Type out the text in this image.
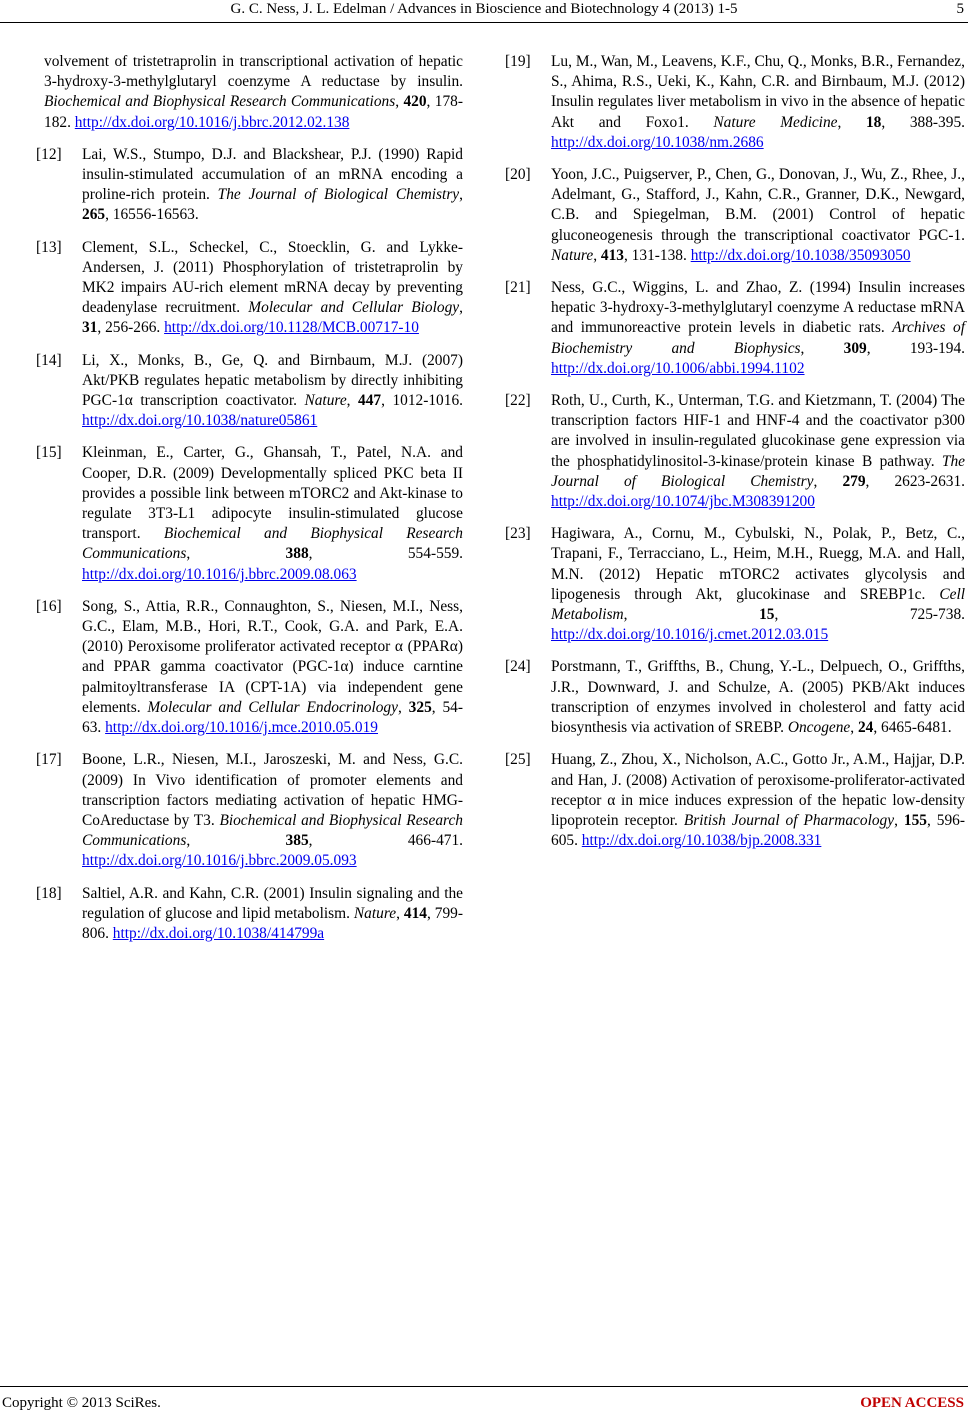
G. C. Ness, J. L. Edelman / Advances in Bioscience and Biotechnology 4 (2013) 1-5	5
volvement of tristetraprolin in transcriptional activation of hepatic 3-hydroxy-3-methylglutaryl coenzyme A reductase by insulin. Biochemical and Biophysical Research Communications, 420, 178-182. http://dx.doi.org/10.1016/j.bbrc.2012.02.138
[12] Lai, W.S., Stumpo, D.J. and Blackshear, P.J. (1990) Rapid insulin-stimulated accumulation of an mRNA encoding a proline-rich protein. The Journal of Biological Chemistry, 265, 16556-16563.
[13] Clement, S.L., Scheckel, C., Stoecklin, G. and Lykke-Andersen, J. (2011) Phosphorylation of tristetraprolin by MK2 impairs AU-rich element mRNA decay by preventing deadenylase recruitment. Molecular and Cellular Biology, 31, 256-266. http://dx.doi.org/10.1128/MCB.00717-10
[14] Li, X., Monks, B., Ge, Q. and Birnbaum, M.J. (2007) Akt/PKB regulates hepatic metabolism by directly inhibiting PGC-1α transcription coactivator. Nature, 447, 1012-1016. http://dx.doi.org/10.1038/nature05861
[15] Kleinman, E., Carter, G., Ghansah, T., Patel, N.A. and Cooper, D.R. (2009) Developmentally spliced PKC beta II provides a possible link between mTORC2 and Akt-kinase to regulate 3T3-L1 adipocyte insulin-stimulated glucose transport. Biochemical and Biophysical Research Communications, 388, 554-559. http://dx.doi.org/10.1016/j.bbrc.2009.08.063
[16] Song, S., Attia, R.R., Connaughton, S., Niesen, M.I., Ness, G.C., Elam, M.B., Hori, R.T., Cook, G.A. and Park, E.A. (2010) Peroxisome proliferator activated receptor α (PPARα) and PPAR gamma coactivator (PGC-1α) induce carntine palmitoyltransferase IA (CPT-1A) via independent gene elements. Molecular and Cellular Endocrinology, 325, 54-63. http://dx.doi.org/10.1016/j.mce.2010.05.019
[17] Boone, L.R., Niesen, M.I., Jaroszeski, M. and Ness, G.C. (2009) In Vivo identification of promoter elements and transcription factors mediating activation of hepatic HMG-CoAreductase by T3. Biochemical and Biophysical Research Communications, 385, 466-471. http://dx.doi.org/10.1016/j.bbrc.2009.05.093
[18] Saltiel, A.R. and Kahn, C.R. (2001) Insulin signaling and the regulation of glucose and lipid metabolism. Nature, 414, 799-806. http://dx.doi.org/10.1038/414799a
[19] Lu, M., Wan, M., Leavens, K.F., Chu, Q., Monks, B.R., Fernandez, S., Ahima, R.S., Ueki, K., Kahn, C.R. and Birnbaum, M.J. (2012) Insulin regulates liver metabolism in vivo in the absence of hepatic Akt and Foxo1. Nature Medicine, 18, 388-395. http://dx.doi.org/10.1038/nm.2686
[20] Yoon, J.C., Puigserver, P., Chen, G., Donovan, J., Wu, Z., Rhee, J., Adelmant, G., Stafford, J., Kahn, C.R., Granner, D.K., Newgard, C.B. and Spiegelman, B.M. (2001) Control of hepatic gluconeogenesis through the transcriptional coactivator PGC-1. Nature, 413, 131-138. http://dx.doi.org/10.1038/35093050
[21] Ness, G.C., Wiggins, L. and Zhao, Z. (1994) Insulin increases hepatic 3-hydroxy-3-methylglutaryl coenzyme A reductase mRNA and immunoreactive protein levels in diabetic rats. Archives of Biochemistry and Biophysics, 309, 193-194. http://dx.doi.org/10.1006/abbi.1994.1102
[22] Roth, U., Curth, K., Unterman, T.G. and Kietzmann, T. (2004) The transcription factors HIF-1 and HNF-4 and the coactivator p300 are involved in insulin-regulated glucokinase gene expression via the phosphatidylinositol-3-kinase/protein kinase B pathway. The Journal of Biological Chemistry, 279, 2623-2631. http://dx.doi.org/10.1074/jbc.M308391200
[23] Hagiwara, A., Cornu, M., Cybulski, N., Polak, P., Betz, C., Trapani, F., Terracciano, L., Heim, M.H., Ruegg, M.A. and Hall, M.N. (2012) Hepatic mTORC2 activates glycolysis and lipogenesis through Akt, glucokinase and SREBP1c. Cell Metabolism, 15, 725-738. http://dx.doi.org/10.1016/j.cmet.2012.03.015
[24] Porstmann, T., Griffths, B., Chung, Y.-L., Delpuech, O., Griffths, J.R., Downward, J. and Schulze, A. (2005) PKB/Akt induces transcription of enzymes involved in cholesterol and fatty acid biosynthesis via activation of SREBP. Oncogene, 24, 6465-6481.
[25] Huang, Z., Zhou, X., Nicholson, A.C., Gotto Jr., A.M., Hajjar, D.P. and Han, J. (2008) Activation of peroxisome-proliferator-activated receptor α in mice induces expression of the hepatic low-density lipoprotein receptor. British Journal of Pharmacology, 155, 596-605. http://dx.doi.org/10.1038/bjp.2008.331
Copyright © 2013 SciRes.	OPEN ACCESS
